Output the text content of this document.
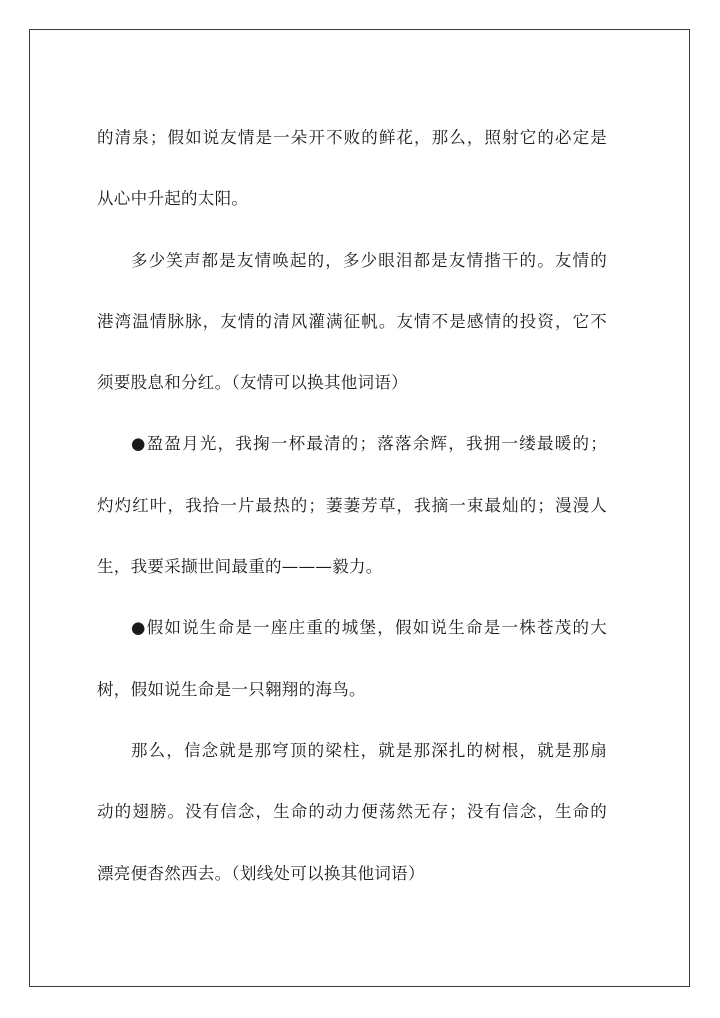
的清泉；假如说友情是一朵开不败的鲜花，那么，照射它的必定是
从心中升起的太阳。
多少笑声都是友情唤起的，多少眼泪都是友情揩干的。友情的
港湾温情脉脉，友情的清风灌满征帆。友情不是感情的投资，它不
须要股息和分红。（友情可以换其他词语）
●盈盈月光，我掬一杯最清的；落落余辉，我拥一缕最暖的；
灼灼红叶，我拾一片最热的；萋萋芳草，我摘一束最灿的；漫漫人
生，我要采撷世间最重的———毅力。
●假如说生命是一座庄重的城堡，假如说生命是一株苍茂的大
树，假如说生命是一只翱翔的海鸟。
那么，信念就是那穹顶的梁柱，就是那深扎的树根，就是那扇
动的翅膀。没有信念，生命的动力便荡然无存；没有信念，生命的
漂亮便杳然西去。（划线处可以换其他词语）
